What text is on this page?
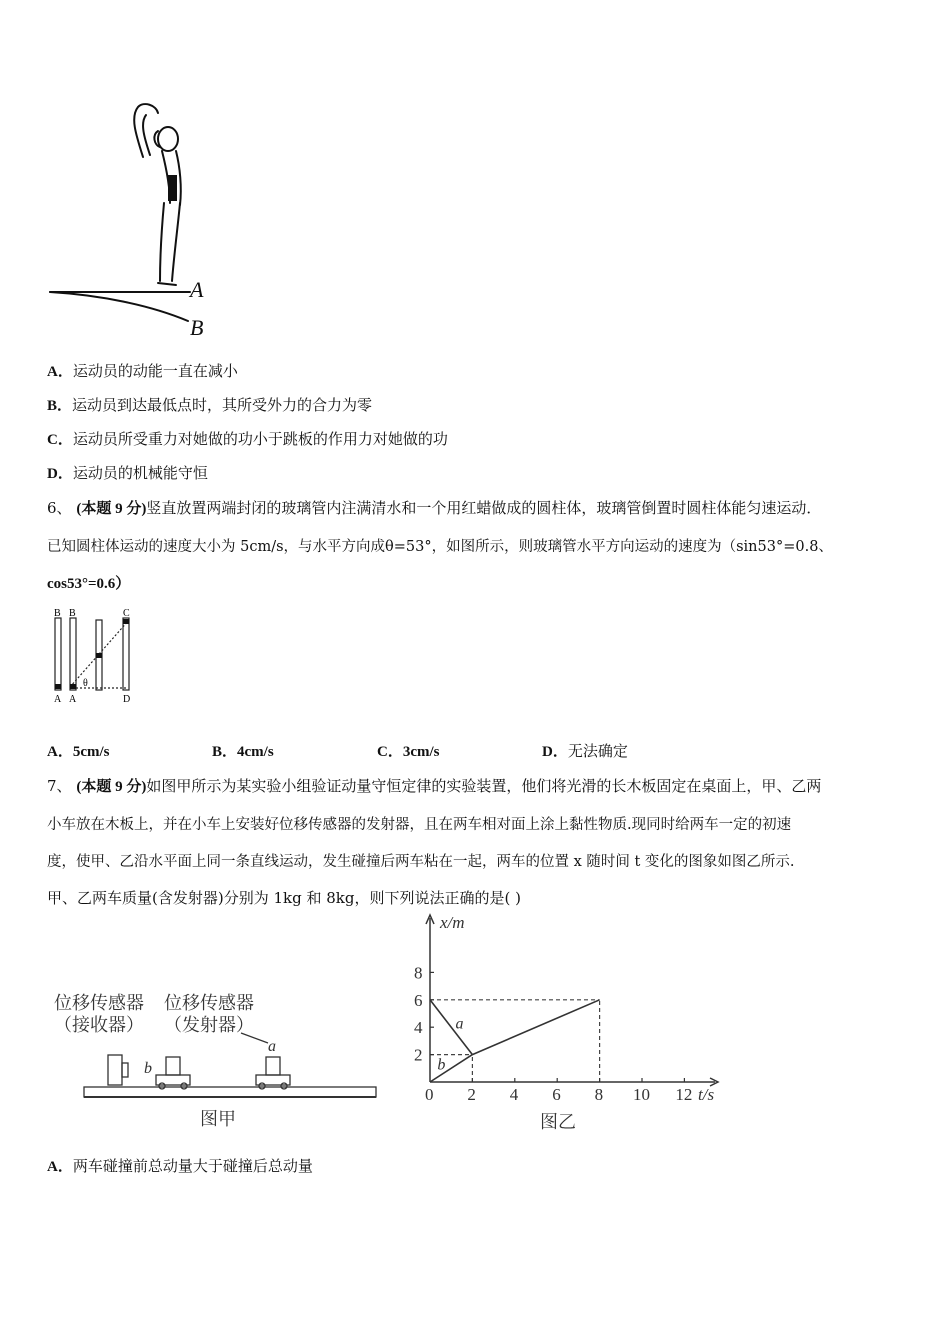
A
B
A．运动员的动能一直在减小
B．运动员到达最低点时，其所受外力的合力为零
C．运动员所受重力对她做的功小于跳板的作用力对她做的功
D．运动员的机械能守恒
6、 (本题 9 分)竖直放置两端封闭的玻璃管内注满清水和一个用红蜡做成的圆柱体，玻璃管倒置时圆柱体能匀速运动．
已知圆柱体运动的速度大小为 5cm/s，与水平方向成θ=53°，如图所示，则玻璃管水平方向运动的速度为（sin53°=0.8、
cos53°=0.6）
B B	C
A A	D
θ
A．5cm/s	B．4cm/s	C．3cm/s	D．无法确定
7、 (本题 9 分)如图甲所示为某实验小组验证动量守恒定律的实验装置，他们将光滑的长木板固定在桌面上，甲、乙两
小车放在木板上，并在小车上安装好位移传感器的发射器，且在两车相对面上涂上黏性物质.现同时给两车一定的初速
度，使甲、乙沿水平面上同一条直线运动，发生碰撞后两车粘在一起，两车的位置 x 随时间 t 变化的图象如图乙所示.
甲、乙两车质量(含发射器)分别为 1kg 和 8kg，则下列说法正确的是( )
位移传感器
（接收器）
位移传感器
（发射器）
b
a
图甲
0 2 4 6 8 10 12
2
4
6
8
a
b
x/m
t/s
图乙
A．两车碰撞前总动量大于碰撞后总动量
